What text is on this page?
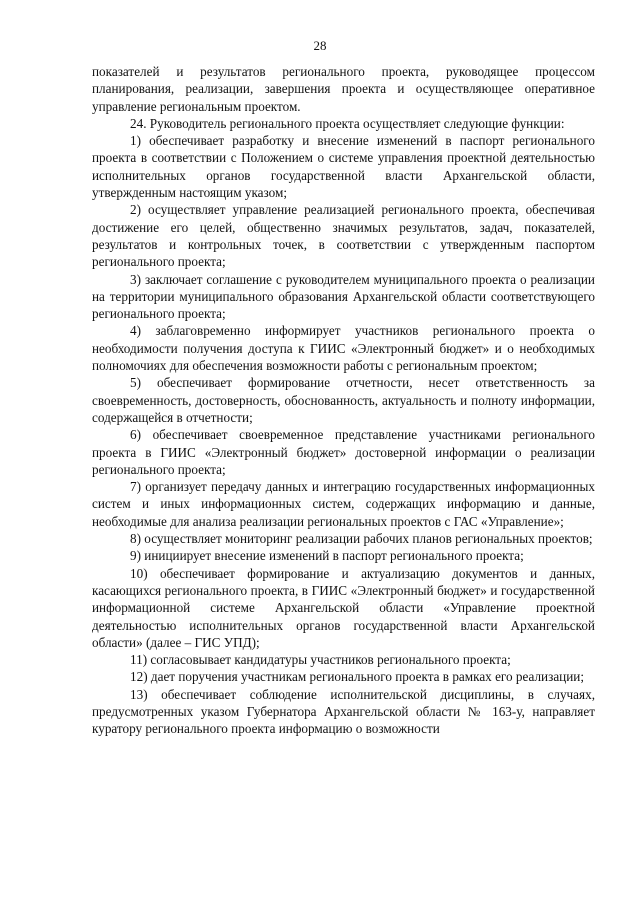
28

показателей и результатов регионального проекта, руководящее процессом планирования, реализации, завершения проекта и осуществляющее оперативное управление региональным проектом.

24. Руководитель регионального проекта осуществляет следующие функции:

1) обеспечивает разработку и внесение изменений в паспорт регионального проекта в соответствии с Положением о системе управления проектной деятельностью исполнительных органов государственной власти Архангельской области, утвержденным настоящим указом;

2) осуществляет управление реализацией регионального проекта, обеспечивая достижение его целей, общественно значимых результатов, задач, показателей, результатов и контрольных точек, в соответствии с утвержденным паспортом регионального проекта;

3) заключает соглашение с руководителем муниципального проекта о реализации на территории муниципального образования Архангельской области соответствующего регионального проекта;

4) заблаговременно информирует участников регионального проекта о необходимости получения доступа к ГИИС «Электронный бюджет» и о необходимых полномочиях для обеспечения возможности работы с региональным проектом;

5) обеспечивает формирование отчетности, несет ответственность за своевременность, достоверность, обоснованность, актуальность и полноту информации, содержащейся в отчетности;

6) обеспечивает своевременное представление участниками регионального проекта в ГИИС «Электронный бюджет» достоверной информации о реализации регионального проекта;

7) организует передачу данных и интеграцию государственных информационных систем и иных информационных систем, содержащих информацию и данные, необходимые для анализа реализации региональных проектов с ГАС «Управление»;

8) осуществляет мониторинг реализации рабочих планов региональных проектов;

9) инициирует внесение изменений в паспорт регионального проекта;

10) обеспечивает формирование и актуализацию документов и данных, касающихся регионального проекта, в ГИИС «Электронный бюджет» и государственной информационной системе Архангельской области «Управление проектной деятельностью исполнительных органов государственной власти Архангельской области» (далее – ГИС УПД);

11) согласовывает кандидатуры участников регионального проекта;

12) дает поручения участникам регионального проекта в рамках его реализации;

13) обеспечивает соблюдение исполнительской дисциплины, в случаях, предусмотренных указом Губернатора Архангельской области № 163-у, направляет куратору регионального проекта информацию о возможности
